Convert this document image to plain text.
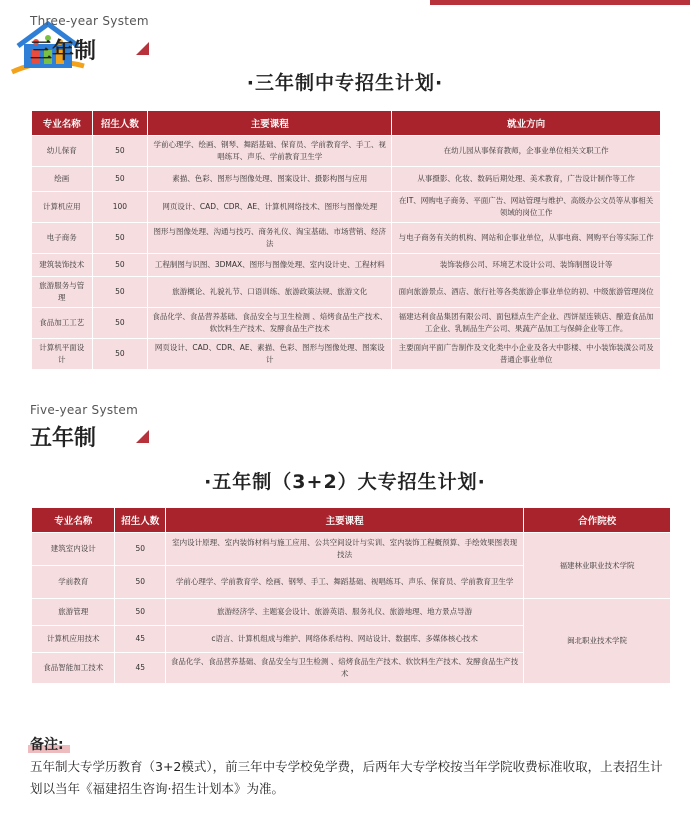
Three-year System
三年制
·三年制中专招生计划·
专业名称	招生人数	主要课程	就业方向
幼儿保育	50	学前心理学、绘画、钢琴、舞蹈基础、保育员、学前教育学、手工、视唱练耳、声乐、学前教育卫生学	在幼儿园从事保育教师，企事业单位相关文职工作
绘画	50	素描、色彩、图形与图像处理、图案设计、摄影构图与应用	从事摄影、化妆、数码后期处理、美术教育，广告设计制作等工作
计算机应用	100	网页设计、CAD、CDR、AE、计算机网络技术、图形与图像处理	在IT、网购电子商务、平面广告、网站管理与维护、高级办公文员等从事相关领域的岗位工作
电子商务	50	图形与图像处理、沟通与技巧、商务礼仪、淘宝基础、市场营销、经济法	与电子商务有关的机构、网站和企事业单位，从事电商、网购平台等实际工作
建筑装饰技术	50	工程制图与识图、3DMAX、图形与图像处理、室内设计史、工程材料	装饰装修公司、环境艺术设计公司、装饰制图设计等
旅游服务与管理	50	旅游概论、礼貌礼节、口语训练、旅游政策法规、旅游文化	面向旅游景点、酒店、旅行社等各类旅游企事业单位的初、中级旅游管理岗位
食品加工工艺	50	食品化学、食品营养基础、食品安全与卫生检测 、焙烤食品生产技术、软饮料生产技术、发酵食品生产技术	福建达利食品集团有限公司、面包糕点生产企业、西饼屋连锁店、酿造食品加工企业、乳制品生产公司、果蔬产品加工与保鲜企业等工作。
计算机平面设计	50	网页设计、CAD、CDR、AE、素描、色彩、图形与图像处理、图案设计	主要面向平面广告制作及文化类中小企业及各大中影楼、中小装饰装潢公司及普通企事业单位
Five-year System
五年制
·五年制（3+2）大专招生计划·
专业名称	招生人数	主要课程	合作院校
建筑室内设计	50	室内设计原理、室内装饰材料与施工应用、公共空间设计与实训、室内装饰工程概预算、手绘效果图表现技法	福建林业职业技术学院
学前教育	50	学前心理学、学前教育学、绘画、钢琴、手工、舞蹈基础、视唱练耳、声乐、保育员、学前教育卫生学	
旅游管理	50	旅游经济学、主题宴会设计、旅游英语、服务礼仪、旅游地理、地方景点导游	闽北职业技术学院
计算机应用技术	45	c语言、计算机组成与维护、网络体系结构、网站设计、数据库、多媒体核心技术	
食品智能加工技术	45	食品化学、食品营养基础、食品安全与卫生检测 、焙烤食品生产技术、软饮料生产技术、发酵食品生产技术	
备注:
五年制大专学历教育（3+2模式），前三年中专学校免学费，后两年大专学校按当年学院收费标准收取，上表招生计划以当年《福建招生咨询·招生计划本》为准。
